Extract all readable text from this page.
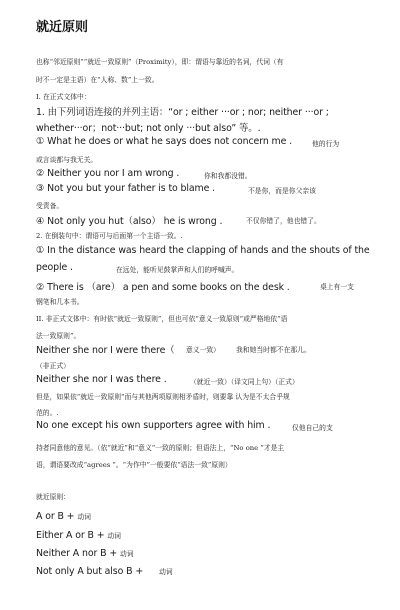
就近原则
也称“邻近原则”“就近一致原则”（Proximity），即：谓语与靠近的名词，代词（有
时不一定是主语）在“人称、数”上一致。
I. 在正式文体中：
1. 由下列词语连接的并列主语：“or ; either ···or ; nor; neither ···or ;
whether···or；not···but; not only ···but also” 等。.
① What he does or what he says does not concern me .	他的行为
或言谈都与我无关。
② Neither you nor I am wrong .	你和我都没错。
③ Not you but your father is to blame .	不是你，而是你父亲该
受责备。
④ Not only you hut（also） he is wrong .	不仅你错了，他也错了。
2. 在倒装句中：谓语可与后面第一个主语一致。.
① In the distance was heard the clapping of hands and the shouts of the
people .	在远处，能听见鼓掌声和人们的呼喊声。
② There is （are） a pen and some books on the desk .	桌上有一支
钢笔和几本书。
II. 非正式文体中：有时依“就近一致原则”，但也可依“意义一致原则”或严格地依“语
法一致原则”。
Neither she nor I were there（ 意义一致） 我和她当时都不在那儿。
（非正式）
Neither she nor I was there .	（就近一致）（译文同上句）（正式）
但是，如果依“就近一致原则”而与其他两项原则相矛盾时，则要靠 认为是不太合乎规
范的。.
No one except his own supporters agree with him .	仅他自己的支
持者同意他的意见。（依“就近”和“意义”一致的原则；但语法上，“No one ”才是主
语，谓语要改成“agrees ”。“为作中”一般要依“语法一致”原则）
就近原则：
A or B + 动词
Either A or B + 动词
Neither A nor B + 动词
Not only A but also B + 动词
